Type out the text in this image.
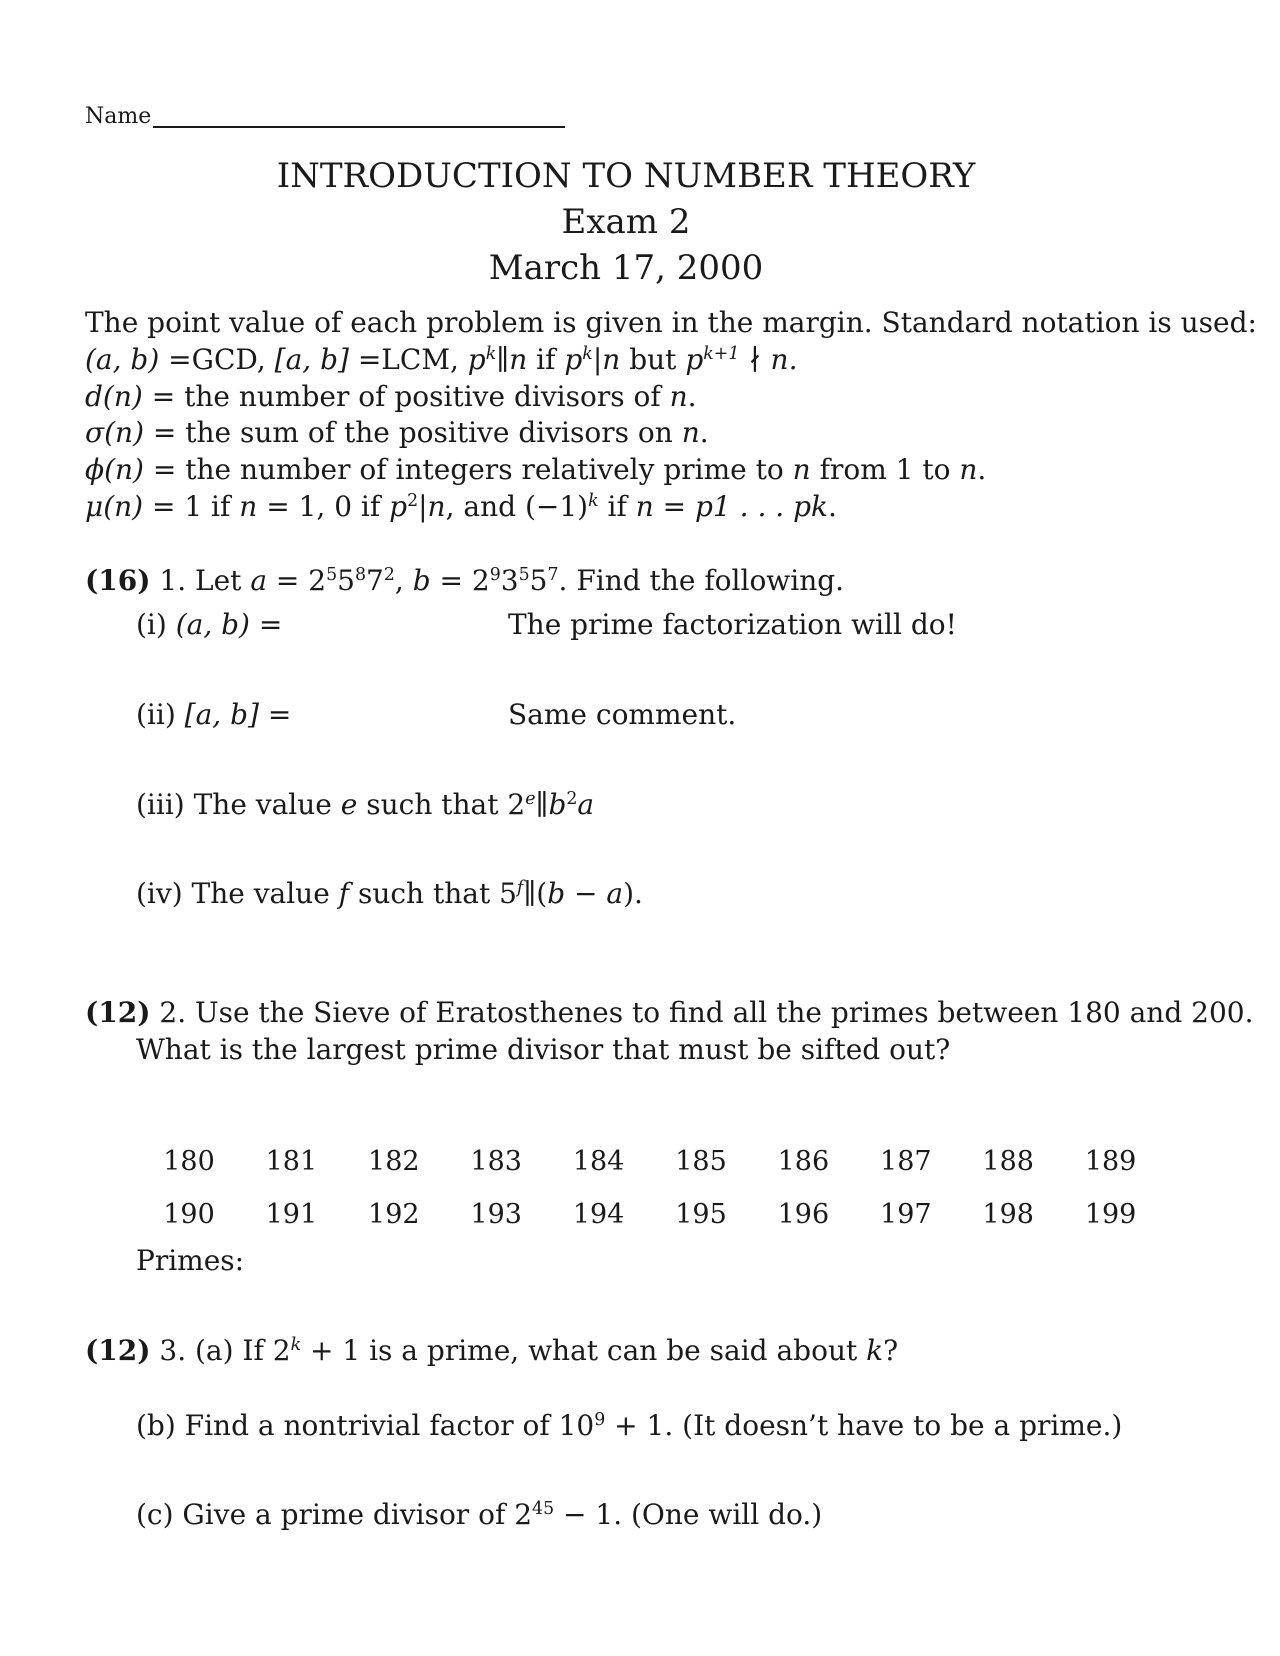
Name
INTRODUCTION TO NUMBER THEORY
Exam 2
March 17, 2000
The point value of each problem is given in the margin. Standard notation is used:
(a, b) =GCD, [a, b] =LCM, $p^k\parallel n$ if $p^k|n$ but $p^{k+1}$ ∤ n.
d(n) = the number of positive divisors of n.
σ(n) = the sum of the positive divisors on n.
ϕ(n) = the number of integers relatively prime to n from 1 to n.
μ(n) = 1 if n = 1, 0 if $p^2|n$, and $(-1)^k$ if n = p1 . . . pk.
(16) 1. Let $a = 2^55^87^2$, $b = 2^93^55^7$. Find the following.
(i) (a, b) =	The prime factorization will do!
(ii) [a, b] =	Same comment.
(iii) The value e such that $2e\parallel b^2a$
(iv) The value f such that $5^f\parallel(b - a)$.
(12) 2. Use the Sieve of Eratosthenes to find all the primes between 180 and 200.
What is the largest prime divisor that must be sifted out?
180	181	182	183	184	185	186	187	188	189
190	191	192	193	194	195	196	197	198	199
Primes:
(12) 3. (a) If $2^k + 1$ is a prime, what can be said about k?
(b) Find a nontrivial factor of $10^9 + 1$. (It doesn’t have to be a prime.)
(c) Give a prime divisor of $2^{45} - 1$. (One will do.)
